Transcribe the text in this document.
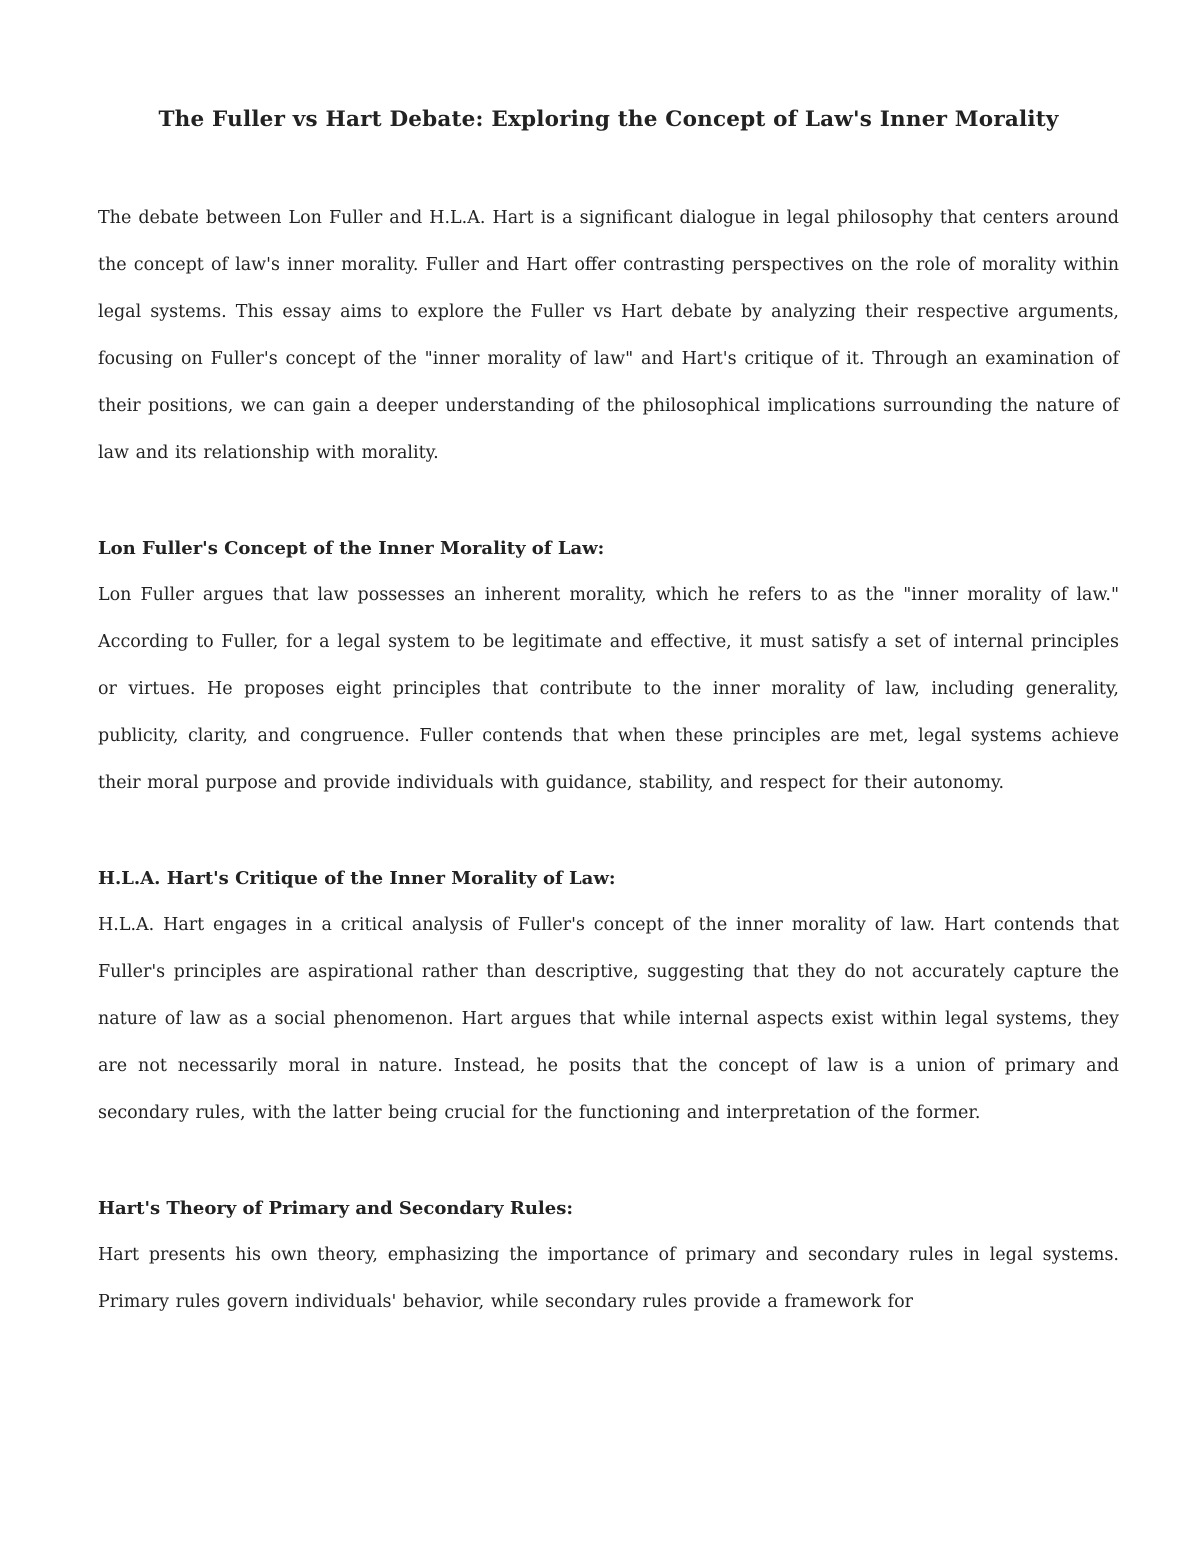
The Fuller vs Hart Debate: Exploring the Concept of Law's Inner Morality

The debate between Lon Fuller and H.L.A. Hart is a significant dialogue in legal philosophy that centers around the concept of law's inner morality. Fuller and Hart offer contrasting perspectives on the role of morality within legal systems. This essay aims to explore the Fuller vs Hart debate by analyzing their respective arguments, focusing on Fuller's concept of the "inner morality of law" and Hart's critique of it. Through an examination of their positions, we can gain a deeper understanding of the philosophical implications surrounding the nature of law and its relationship with morality.

Lon Fuller's Concept of the Inner Morality of Law:

Lon Fuller argues that law possesses an inherent morality, which he refers to as the "inner morality of law." According to Fuller, for a legal system to be legitimate and effective, it must satisfy a set of internal principles or virtues. He proposes eight principles that contribute to the inner morality of law, including generality, publicity, clarity, and congruence. Fuller contends that when these principles are met, legal systems achieve their moral purpose and provide individuals with guidance, stability, and respect for their autonomy.

H.L.A. Hart's Critique of the Inner Morality of Law:

H.L.A. Hart engages in a critical analysis of Fuller's concept of the inner morality of law. Hart contends that Fuller's principles are aspirational rather than descriptive, suggesting that they do not accurately capture the nature of law as a social phenomenon. Hart argues that while internal aspects exist within legal systems, they are not necessarily moral in nature. Instead, he posits that the concept of law is a union of primary and secondary rules, with the latter being crucial for the functioning and interpretation of the former.

Hart's Theory of Primary and Secondary Rules:

Hart presents his own theory, emphasizing the importance of primary and secondary rules in legal systems. Primary rules govern individuals' behavior, while secondary rules provide a framework for
